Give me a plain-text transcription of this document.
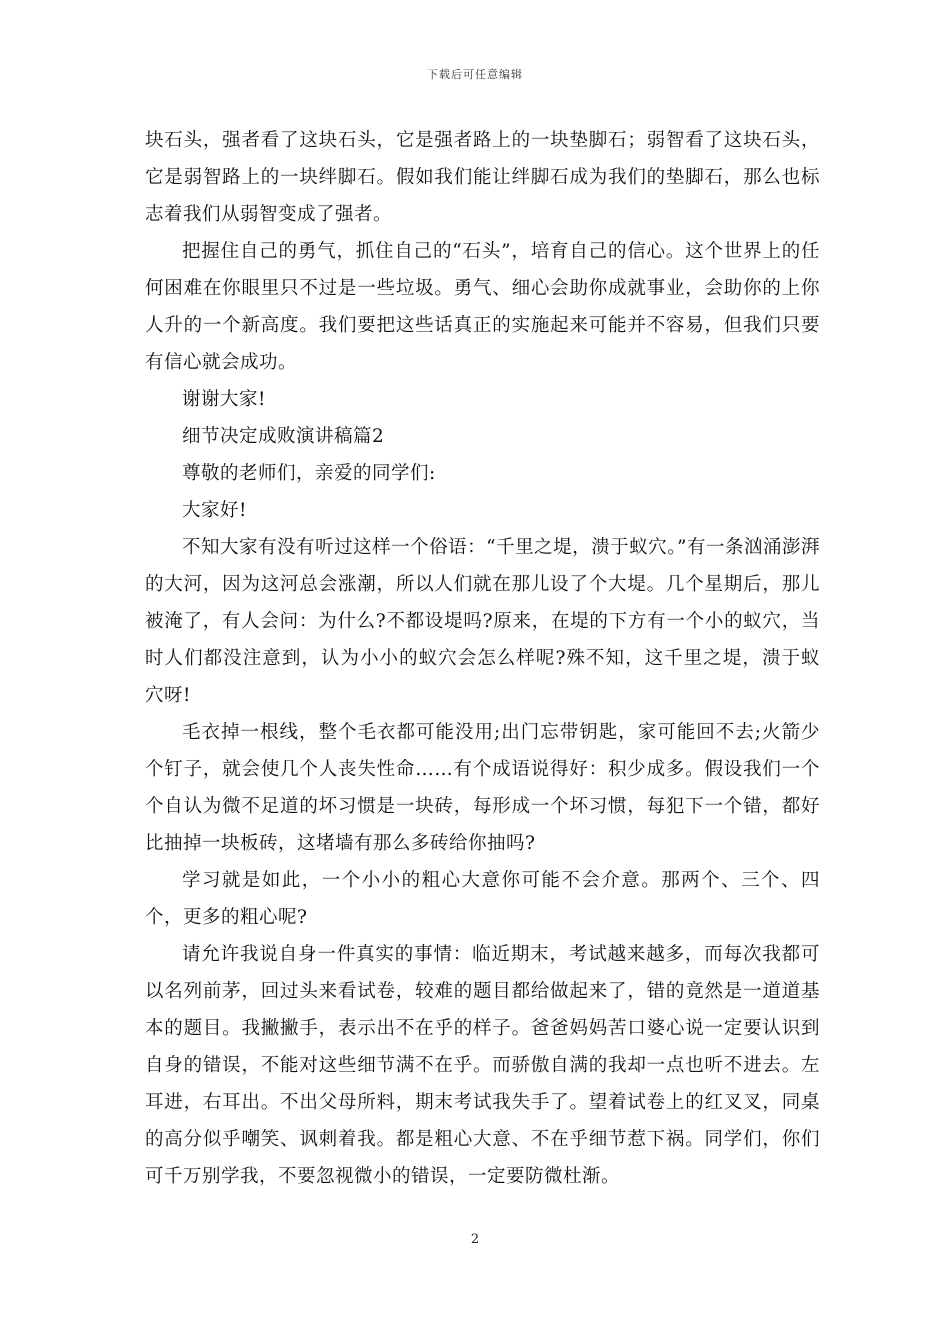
下载后可任意编辑

块石头，强者看了这块石头，它是强者路上的一块垫脚石；弱智看了这块石头，它是弱智路上的一块绊脚石。假如我们能让绊脚石成为我们的垫脚石，那么也标志着我们从弱智变成了强者。

把握住自己的勇气，抓住自己的“石头”，培育自己的信心。这个世界上的任何困难在你眼里只不过是一些垃圾。勇气、细心会助你成就事业，会助你的上你人升的一个新高度。我们要把这些话真正的实施起来可能并不容易，但我们只要有信心就会成功。

谢谢大家!

细节决定成败演讲稿篇2

尊敬的老师们，亲爱的同学们:

大家好!

不知大家有没有听过这样一个俗语：“千里之堤，溃于蚁穴。”有一条汹涌澎湃的大河，因为这河总会涨潮，所以人们就在那儿设了个大堤。几个星期后，那儿被淹了，有人会问：为什么?不都设堤吗?原来，在堤的下方有一个小的蚁穴，当时人们都没注意到，认为小小的蚁穴会怎么样呢?殊不知，这千里之堤，溃于蚁穴呀!

毛衣掉一根线，整个毛衣都可能没用;出门忘带钥匙，家可能回不去;火箭少个钉子，就会使几个人丧失性命……有个成语说得好：积少成多。假设我们一个个自认为微不足道的坏习惯是一块砖，每形成一个坏习惯，每犯下一个错，都好比抽掉一块板砖，这堵墙有那么多砖给你抽吗?

学习就是如此，一个小小的粗心大意你可能不会介意。那两个、三个、四个，更多的粗心呢?

请允许我说自身一件真实的事情：临近期末，考试越来越多，而每次我都可以名列前茅，回过头来看试卷，较难的题目都给做起来了，错的竟然是一道道基本的题目。我撇撇手，表示出不在乎的样子。爸爸妈妈苦口婆心说一定要认识到自身的错误，不能对这些细节满不在乎。而骄傲自满的我却一点也听不进去。左耳进，右耳出。不出父母所料，期末考试我失手了。望着试卷上的红叉叉，同桌的高分似乎嘲笑、讽刺着我。都是粗心大意、不在乎细节惹下祸。同学们，你们可千万别学我，不要忽视微小的错误，一定要防微杜渐。

2
